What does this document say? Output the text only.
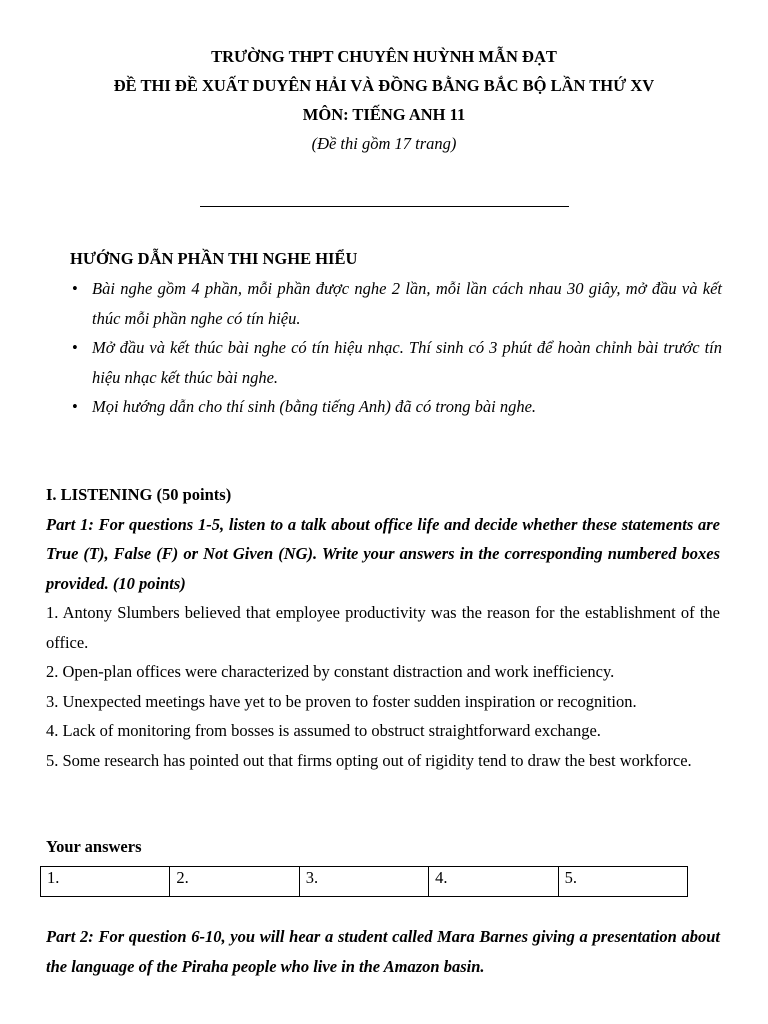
TRƯỜNG THPT CHUYÊN HUỲNH MẪN ĐẠT
ĐỀ THI ĐỀ XUẤT DUYÊN HẢI VÀ ĐỒNG BẰNG BẮC BỘ LẦN THỨ XV
MÔN: TIẾNG ANH 11
(Đề thi gồm 17 trang)
HƯỚNG DẪN PHẦN THI NGHE HIỂU
• Bài nghe gồm 4 phần, mỗi phần được nghe 2 lần, mỗi lần cách nhau 30 giây, mở đầu và kết thúc mỗi phần nghe có tín hiệu.
• Mở đầu và kết thúc bài nghe có tín hiệu nhạc. Thí sinh có 3 phút để hoàn chỉnh bài trước tín hiệu nhạc kết thúc bài nghe.
• Mọi hướng dẫn cho thí sinh (bằng tiếng Anh) đã có trong bài nghe.
I. LISTENING (50 points)
Part 1: For questions 1-5, listen to a talk about office life and decide whether these statements are True (T), False (F) or Not Given (NG). Write your answers in the corresponding numbered boxes provided. (10 points)
1. Antony Slumbers believed that employee productivity was the reason for the establishment of the office.
2. Open-plan offices were characterized by constant distraction and work inefficiency.
3. Unexpected meetings have yet to be proven to foster sudden inspiration or recognition.
4. Lack of monitoring from bosses is assumed to obstruct straightforward exchange.
5. Some research has pointed out that firms opting out of rigidity tend to draw the best workforce.
Your answers
1.	2.	3.	4.	5.
Part 2: For question 6-10, you will hear a student called Mara Barnes giving a presentation about the language of the Piraha people who live in the Amazon basin.
